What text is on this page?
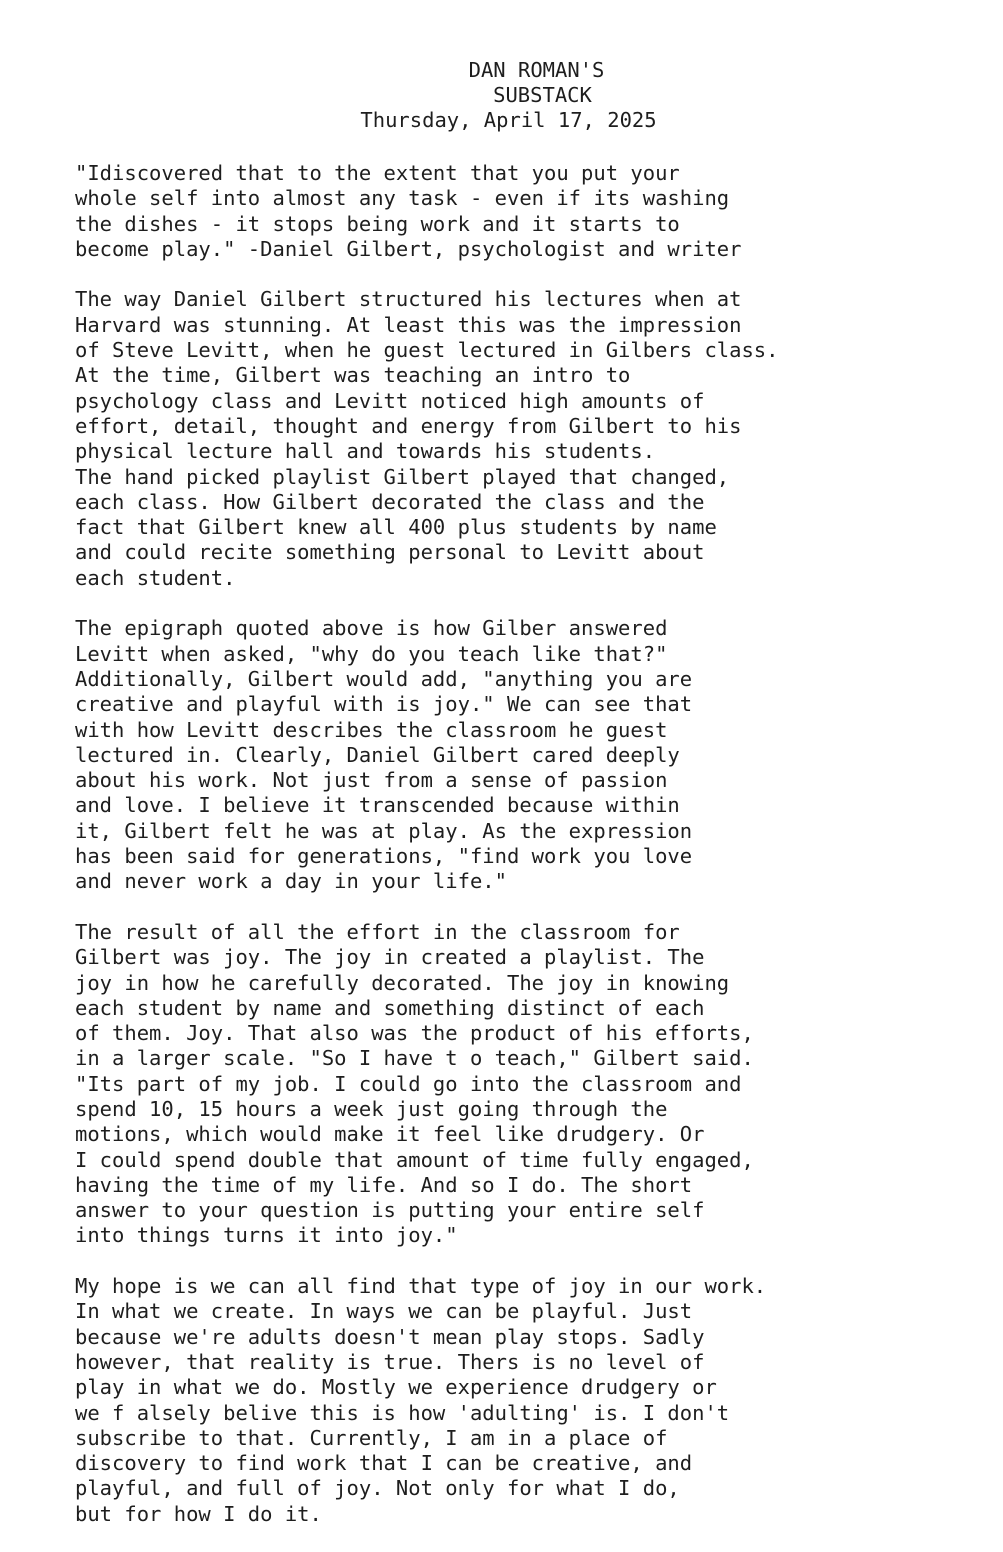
DAN ROMAN'S
SUBSTACK
Thursday, April 17, 2025
"Idiscovered that to the extent that you put your
whole self into almost any task - even if its washing
the dishes - it stops being work and it starts to
become play." -Daniel Gilbert, psychologist and writer
The way Daniel Gilbert structured his lectures when at
Harvard was stunning. At least this was the impression
of Steve Levitt, when he guest lectured in Gilbers class.
At the time, Gilbert was teaching an intro to
psychology class and Levitt noticed high amounts of
effort, detail, thought and energy from Gilbert to his
physical lecture hall and towards his students.
The hand picked playlist Gilbert played that changed,
each class. How Gilbert decorated the class and the
fact that Gilbert knew all 400 plus students by name
and could recite something personal to Levitt about
each student.
The epigraph quoted above is how Gilber answered
Levitt when asked, "why do you teach like that?"
Additionally, Gilbert would add, "anything you are
creative and playful with is joy." We can see that
with how Levitt describes the classroom he guest
lectured in. Clearly, Daniel Gilbert cared deeply
about his work. Not just from a sense of passion
and love. I believe it transcended because within
it, Gilbert felt he was at play. As the expression
has been said for generations, "find work you love
and never work a day in your life."
The result of all the effort in the classroom for
Gilbert was joy. The joy in created a playlist. The
joy in how he carefully decorated. The joy in knowing
each student by name and something distinct of each
of them. Joy. That also was the product of his efforts,
in a larger scale. "So I have t o teach," Gilbert said.
"Its part of my job. I could go into the classroom and
spend 10, 15 hours a week just going through the
motions, which would make it feel like drudgery. Or
I could spend double that amount of time fully engaged,
having the time of my life. And so I do. The short
answer to your question is putting your entire self
into things turns it into joy."
My hope is we can all find that type of joy in our work.
In what we create. In ways we can be playful. Just
because we're adults doesn't mean play stops. Sadly
however, that reality is true. Thers is no level of
play in what we do. Mostly we experience drudgery or
we f alsely belive this is how 'adulting' is. I don't
subscribe to that. Currently, I am in a place of
discovery to find work that I can be creative, and
playful, and full of joy. Not only for what I do,
but for how I do it.
